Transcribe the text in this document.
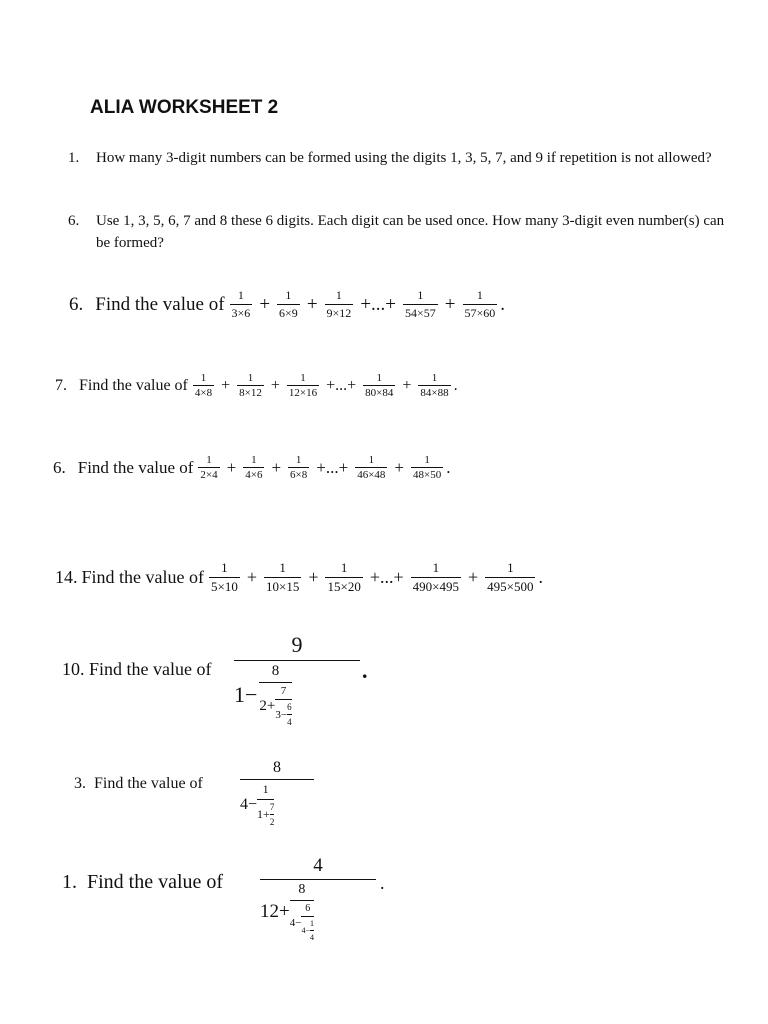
ALIA WORKSHEET 2
1. How many 3-digit numbers can be formed using the digits 1, 3, 5, 7, and 9 if repetition is not allowed?
6. Use 1, 3, 5, 6, 7 and 8 these 6 digits. Each digit can be used once. How many 3-digit even number(s) can be formed?
6. Find the value of $\frac{1}{3\times 6} + \frac{1}{6\times 9} + \frac{1}{9\times 12}$ +...+ $\frac{1}{54\times 57} + \frac{1}{57\times 60}$ .
7. Find the value of $\frac{1}{4\times 8} + \frac{1}{8\times 12} + \frac{1}{12\times 16}$ +...+ $\frac{1}{80\times 84} + \frac{1}{84\times 88}$ .
6. Find the value of $\frac{1}{2\times 4} + \frac{1}{4\times 6} + \frac{1}{6\times 8}$ +...+ $\frac{1}{46\times 48} + \frac{1}{48\times 50}$ .
14. Find the value of $\frac{1}{5\times 10} + \frac{1}{10\times 15} + \frac{1}{15\times 20}$ +...+ $\frac{1}{490\times 495} + \frac{1}{495\times 500}$ .
10. Find the value of
9
1−
8
$2+ \frac{7}{3- \frac{6}{4}}$
.
3. Find the value of
8
$4- \frac{1}{1+ \frac{7}{2}}$
1. Find the value of
4
12+
8
$4- \frac{6}{4- \frac{1}{4}}$
.
